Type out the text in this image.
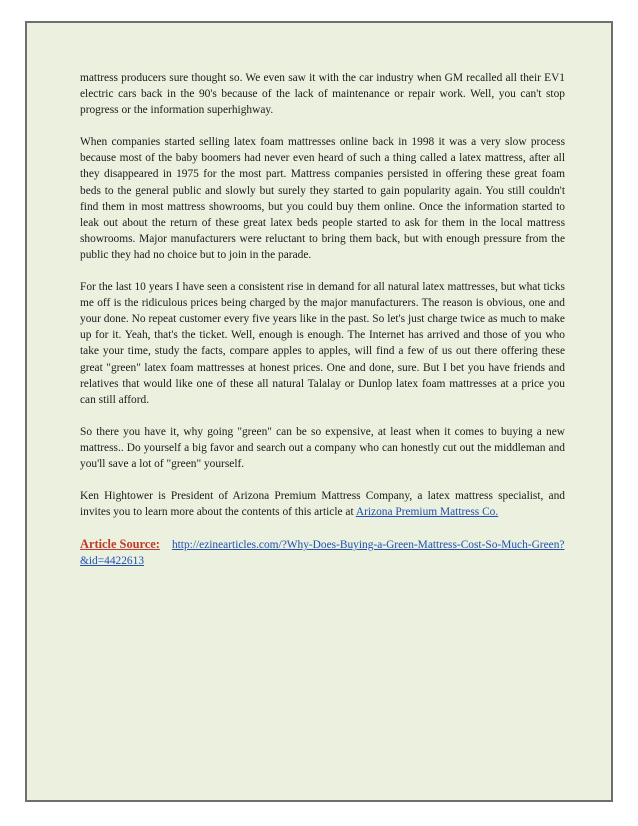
mattress producers sure thought so. We even saw it with the car industry when GM recalled all their EV1 electric cars back in the 90's because of the lack of maintenance or repair work. Well, you can't stop progress or the information superhighway.

When companies started selling latex foam mattresses online back in 1998 it was a very slow process because most of the baby boomers had never even heard of such a thing called a latex mattress, after all they disappeared in 1975 for the most part. Mattress companies persisted in offering these great foam beds to the general public and slowly but surely they started to gain popularity again. You still couldn't find them in most mattress showrooms, but you could buy them online. Once the information started to leak out about the return of these great latex beds people started to ask for them in the local mattress showrooms. Major manufacturers were reluctant to bring them back, but with enough pressure from the public they had no choice but to join in the parade.

For the last 10 years I have seen a consistent rise in demand for all natural latex mattresses, but what ticks me off is the ridiculous prices being charged by the major manufacturers. The reason is obvious, one and your done. No repeat customer every five years like in the past. So let's just charge twice as much to make up for it. Yeah, that's the ticket. Well, enough is enough. The Internet has arrived and those of you who take your time, study the facts, compare apples to apples, will find a few of us out there offering these great "green" latex foam mattresses at honest prices. One and done, sure. But I bet you have friends and relatives that would like one of these all natural Talalay or Dunlop latex foam mattresses at a price you can still afford.

So there you have it, why going "green" can be so expensive, at least when it comes to buying a new mattress.. Do yourself a big favor and search out a company who can honestly cut out the middleman and you'll save a lot of "green" yourself.

Ken Hightower is President of Arizona Premium Mattress Company, a latex mattress specialist, and invites you to learn more about the contents of this article at Arizona Premium Mattress Co.

Article Source: http://ezinearticles.com/?Why-Does-Buying-a-Green-Mattress-Cost-So-Much-Green?&id=4422613
